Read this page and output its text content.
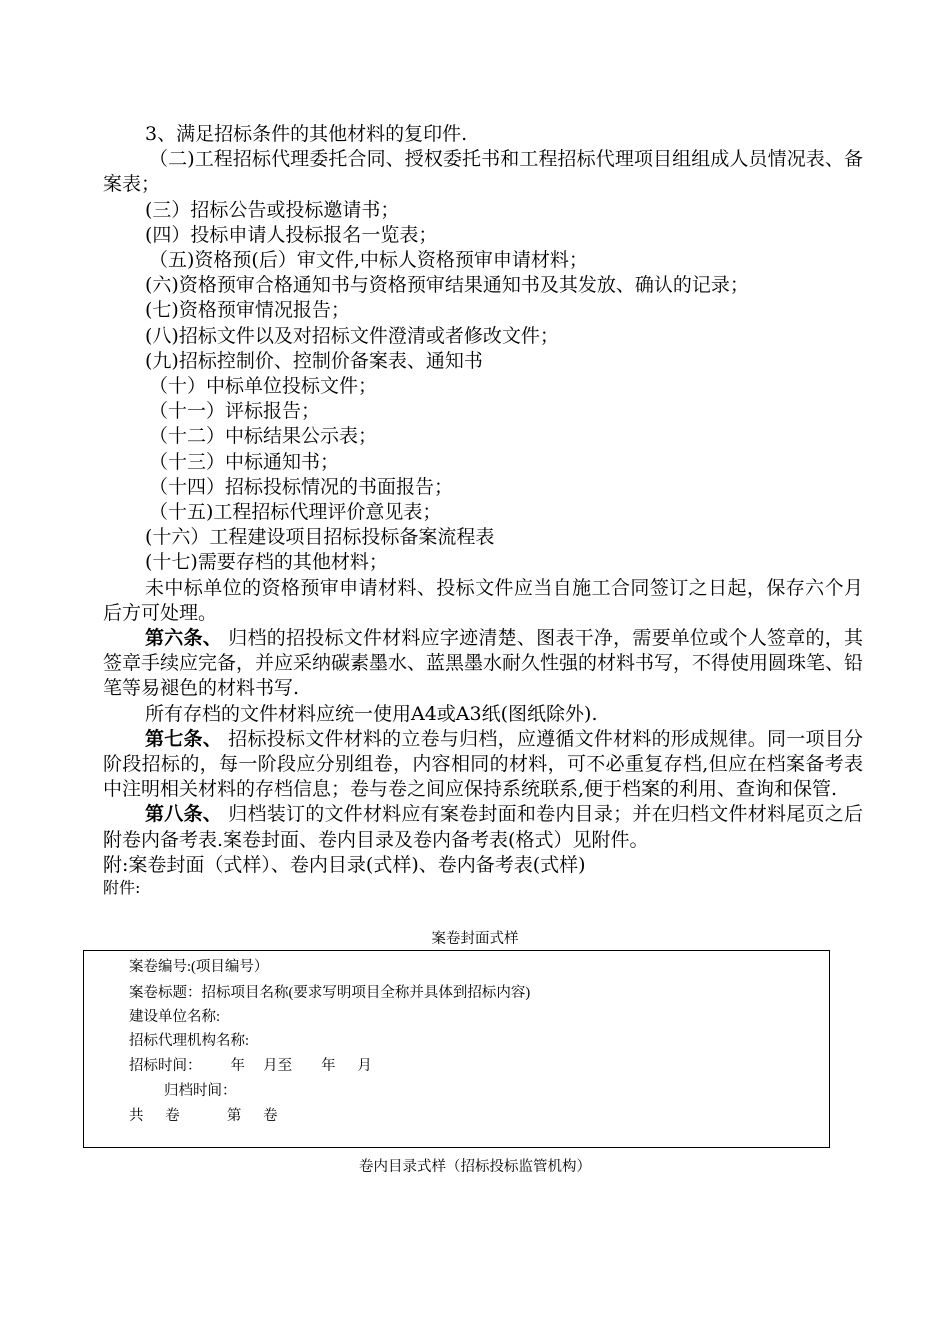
3、满足招标条件的其他材料的复印件.

（二)工程招标代理委托合同、授权委托书和工程招标代理项目组组成人员情况表、备案表；

(三）招标公告或投标邀请书；

(四）投标申请人投标报名一览表；

（五)资格预(后）审文件,中标人资格预审申请材料；

(六)资格预审合格通知书与资格预审结果通知书及其发放、确认的记录；

(七)资格预审情况报告；

(八)招标文件以及对招标文件澄清或者修改文件；

(九)招标控制价、控制价备案表、通知书

（十）中标单位投标文件；

（十一）评标报告；

（十二）中标结果公示表；

（十三）中标通知书；

（十四）招标投标情况的书面报告；

（十五)工程招标代理评价意见表；

(十六）工程建设项目招标投标备案流程表

(十七)需要存档的其他材料；

未中标单位的资格预审申请材料、投标文件应当自施工合同签订之日起，保存六个月后方可处理。

第六条、 归档的招投标文件材料应字迹清楚、图表干净，需要单位或个人签章的，其签章手续应完备，并应采纳碳素墨水、蓝黑墨水耐久性强的材料书写，不得使用圆珠笔、铅笔等易褪色的材料书写.

所有存档的文件材料应统一使用A4或A3纸(图纸除外).

第七条、 招标投标文件材料的立卷与归档，应遵循文件材料的形成规律。同一项目分阶段招标的，每一阶段应分别组卷，内容相同的材料，可不必重复存档,但应在档案备考表中注明相关材料的存档信息；卷与卷之间应保持系统联系,便于档案的利用、查询和保管.

第八条、 归档装订的文件材料应有案卷封面和卷内目录；并在归档文件材料尾页之后附卷内备考表.案卷封面、卷内目录及卷内备考表(格式）见附件。

附:案卷封面（式样）、卷内目录(式样)、卷内备考表(式样)

附件:

案卷封面式样
案卷编号:(项目编号）
案卷标题：招标项目名称(要求写明项目全称并具体到招标内容)
建设单位名称:
招标代理机构名称:
招标时间：        年     月至        年      月
归档时间：
共      卷             第      卷
卷内目录式样（招标投标监管机构）
